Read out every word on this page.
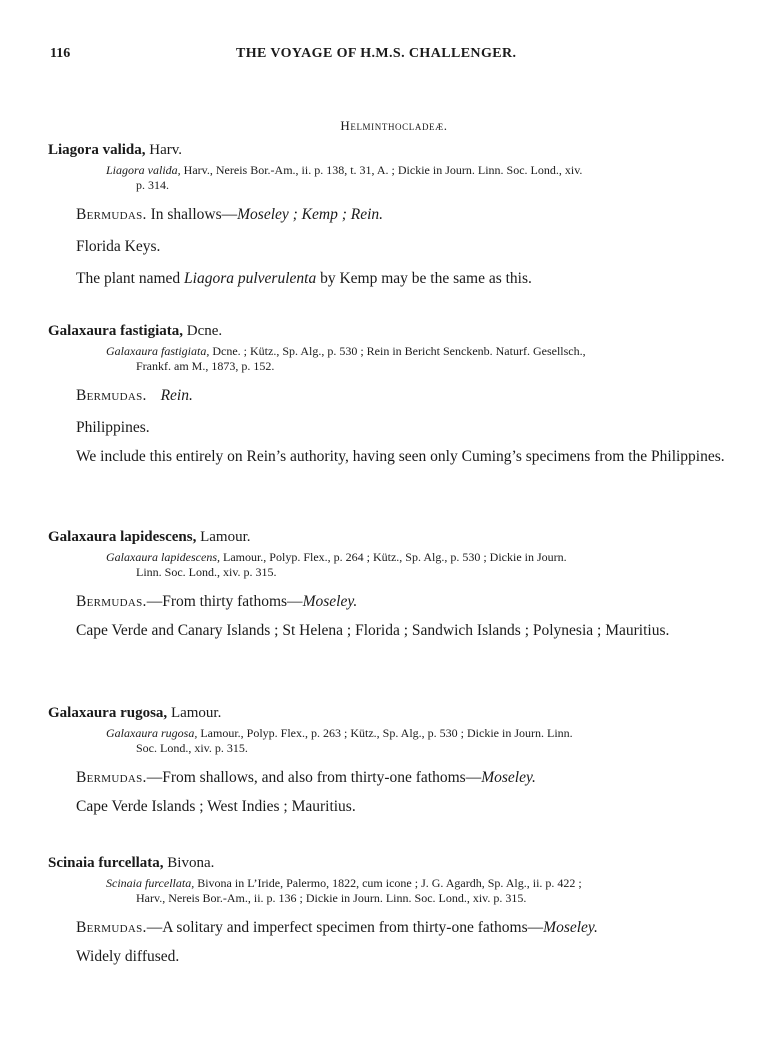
116	THE VOYAGE OF H.M.S. CHALLENGER.
Helminthocladeæ.

Liagora valida, Harv.

Liagora valida, Harv., Nereis Bor.-Am., ii. p. 138, t. 31, A. ; Dickie in Journ. Linn. Soc. Lond., xiv.
p. 314.

Bermudas. In shallows—Moseley ; Kemp ; Rein.

Florida Keys.

The plant named Liagora pulverulenta by Kemp may be the same as this.

Galaxaura fastigiata, Dcne.

Galaxaura fastigiata, Dcne. ; Kütz., Sp. Alg., p. 530 ; Rein in Bericht Senckenb. Naturf. Gesellsch.,
Frankf. am M., 1873, p. 152.

Bermudas. Rein.

Philippines.

We include this entirely on Rein’s authority, having seen only Cuming’s specimens from the Philippines.

Galaxaura lapidescens, Lamour.

Galaxaura lapidescens, Lamour., Polyp. Flex., p. 264 ; Kütz., Sp. Alg., p. 530 ; Dickie in Journ.
Linn. Soc. Lond., xiv. p. 315.

Bermudas.—From thirty fathoms—Moseley.

Cape Verde and Canary Islands ; St Helena ; Florida ; Sandwich Islands ; Polynesia ; Mauritius.

Galaxaura rugosa, Lamour.

Galaxaura rugosa, Lamour., Polyp. Flex., p. 263 ; Kütz., Sp. Alg., p. 530 ; Dickie in Journ. Linn.
Soc. Lond., xiv. p. 315.

Bermudas.—From shallows, and also from thirty-one fathoms—Moseley.

Cape Verde Islands ; West Indies ; Mauritius.

Scinaia furcellata, Bivona.

Scinaia furcellata, Bivona in L’Iride, Palermo, 1822, cum icone ; J. G. Agardh, Sp. Alg., ii. p. 422 ;
Harv., Nereis Bor.-Am., ii. p. 136 ; Dickie in Journ. Linn. Soc. Lond., xiv. p. 315.

Bermudas.—A solitary and imperfect specimen from thirty-one fathoms—Moseley.

Widely diffused.
